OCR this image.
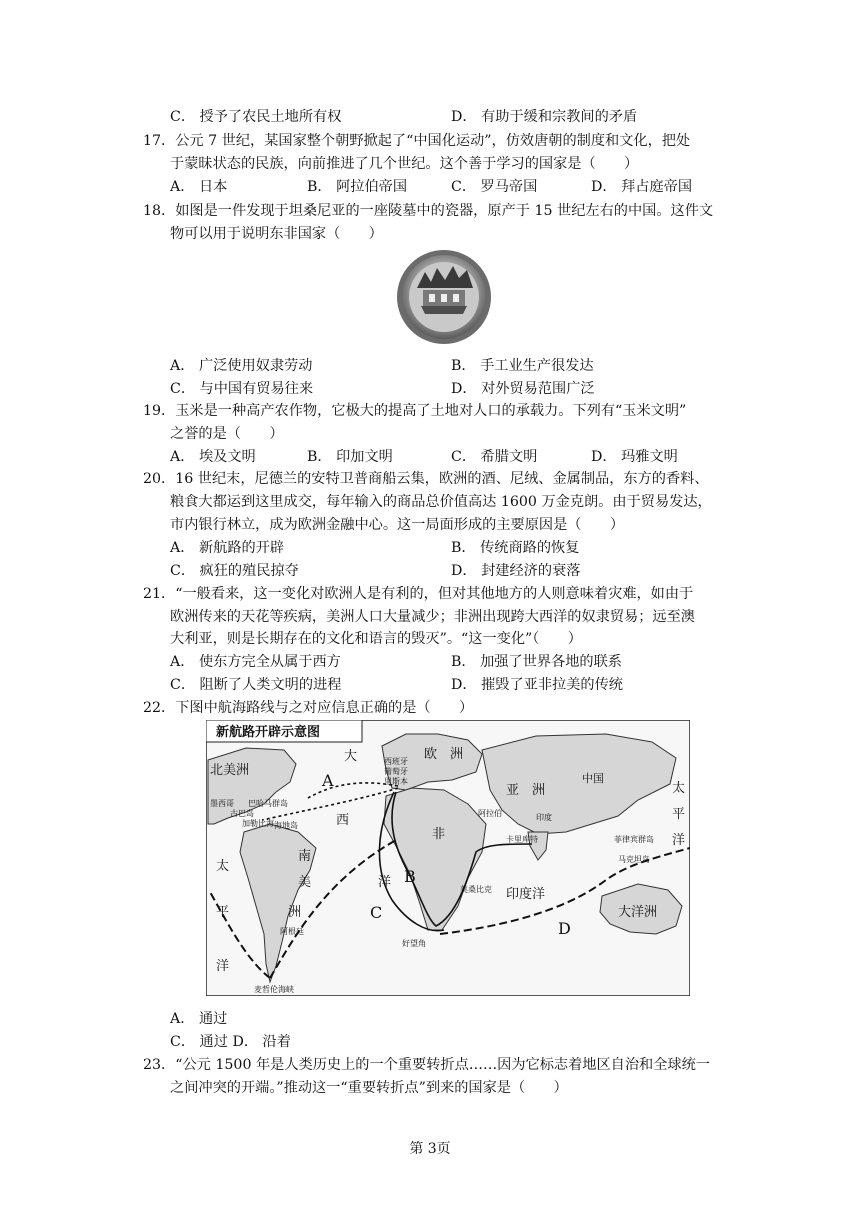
C． 授予了农民土地所有权	D． 有助于缓和宗教间的矛盾
17．公元 7 世纪，某国家整个朝野掀起了“中国化运动”，仿效唐朝的制度和文化，把处
于蒙昧状态的民族，向前推进了几个世纪。这个善于学习的国家是（　　）
A． 日本	B． 阿拉伯帝国	C． 罗马帝国	D． 拜占庭帝国
18．如图是一件发现于坦桑尼亚的一座陵墓中的瓷器，原产于 15 世纪左右的中国。这件文
物可以用于说明东非国家（　　）
A． 广泛使用奴隶劳动	B． 手工业生产很发达
C． 与中国有贸易往来	D． 对外贸易范围广泛
19．玉米是一种高产农作物，它极大的提高了土地对人口的承载力。下列有“玉米文明”
之誉的是（　　）
A． 埃及文明	B． 印加文明	C． 希腊文明	D． 玛雅文明
20．16 世纪末，尼德兰的安特卫普商船云集，欧洲的酒、尼绒、金属制品，东方的香料、
粮食大都运到这里成交，每年输入的商品总价值高达 1600 万金克朗。由于贸易发达，
市内银行林立，成为欧洲金融中心。这一局面形成的主要原因是（　　）
A． 新航路的开辟	B． 传统商路的恢复
C． 疯狂的殖民掠夺	D． 封建经济的衰落
21．“一般看来，这一变化对欧洲人是有利的，但对其他地方的人则意味着灾难，如由于
欧洲传来的天花等疾病，美洲人口大量减少；非洲出现跨大西洋的奴隶贸易；远至澳
大利亚，则是长期存在的文化和语言的毁灭”。“这一变化”（　　）
A． 使东方完全从属于西方	B． 加强了世界各地的联系
C． 阻断了人类文明的进程	D． 摧毁了亚非拉美的传统
22．下图中航海路线与之对应信息正确的是（　　）
新航路开辟示意图
北美洲
南
美
洲
欧　洲
亚　洲
非
中国
印度洋
大洋洲
大
西
洋
太
平
洋
太
平
洋
A
B
C
D
西班牙
葡萄牙
里斯本
巴哈马群岛
古巴岛
海地岛
墨西哥
加勒比海
阿拉伯	印度
卡里库特	菲律宾群岛
马克坦岛
莫桑比克
好望角
阿根廷
麦哲伦海峡
A． 通过
C． 通过 D． 沿着
23．“公元 1500 年是人类历史上的一个重要转折点……因为它标志着地区自治和全球统一
之间冲突的开端。”推动这一“重要转折点”到来的国家是（　　）
第 3页
